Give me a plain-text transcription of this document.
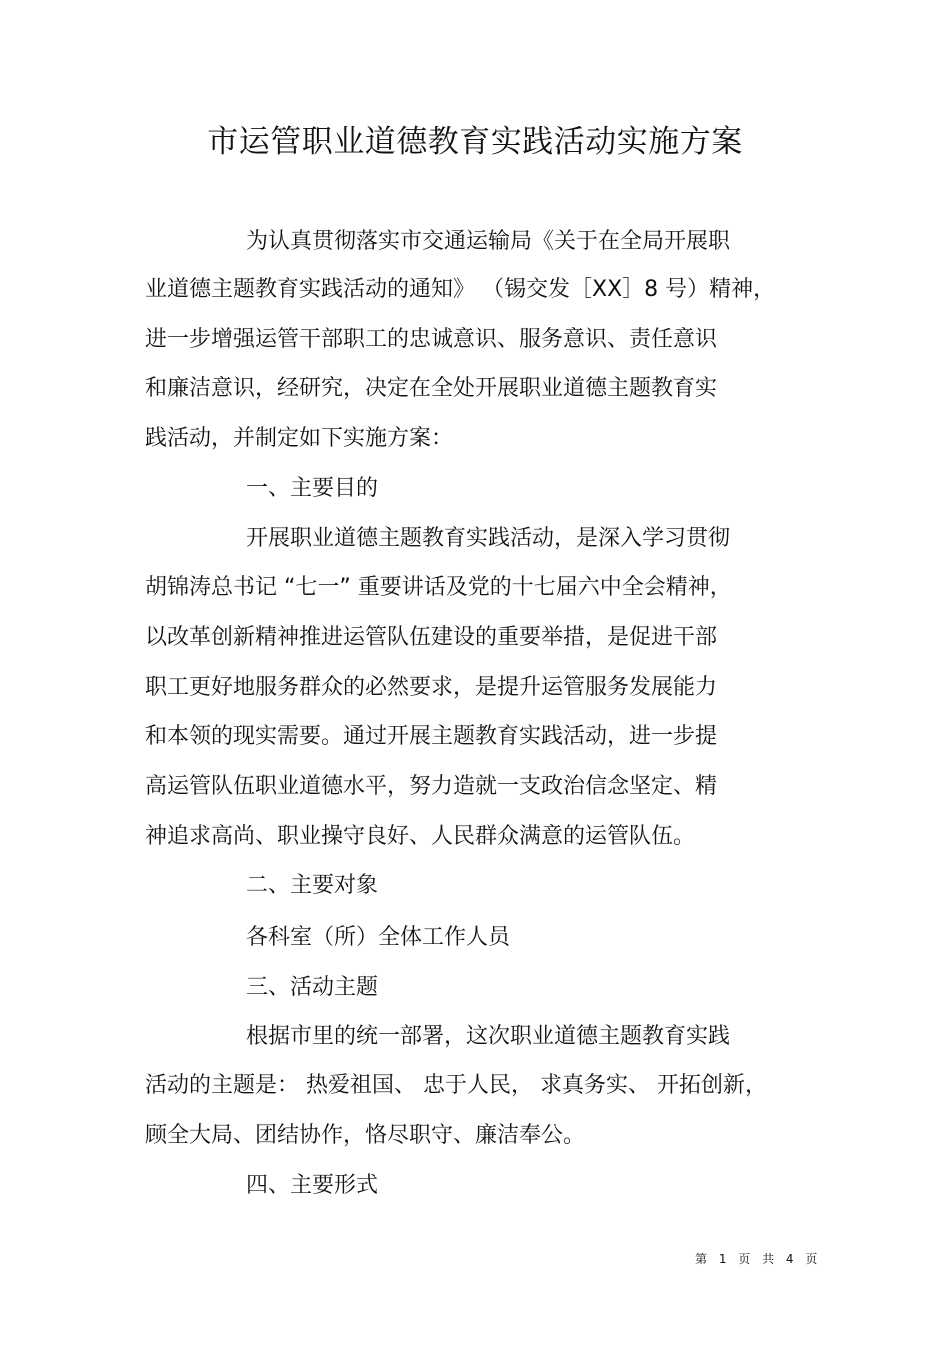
市运管职业道德教育实践活动实施方案
为认真贯彻落实市交通运输局《关于在全局开展职
业道德主题教育实践活动的通知》 （锡交发［XX］8 号）精神，
进一步增强运管干部职工的忠诚意识、服务意识、责任意识
和廉洁意识，经研究，决定在全处开展职业道德主题教育实
践活动，并制定如下实施方案：
一、主要目的
开展职业道德主题教育实践活动，是深入学习贯彻
胡锦涛总书记 “七一” 重要讲话及党的十七届六中全会精神，
以改革创新精神推进运管队伍建设的重要举措，是促进干部
职工更好地服务群众的必然要求，是提升运管服务发展能力
和本领的现实需要。通过开展主题教育实践活动，进一步提
高运管队伍职业道德水平，努力造就一支政治信念坚定、精
神追求高尚、职业操守良好、人民群众满意的运管队伍。
二、主要对象
各科室（所）全体工作人员
三、活动主题
根据市里的统一部署，这次职业道德主题教育实践
活动的主题是： 热爱祖国、 忠于人民， 求真务实、 开拓创新，
顾全大局、团结协作，恪尽职守、廉洁奉公。
四、主要形式
第 1 页 共 4 页
